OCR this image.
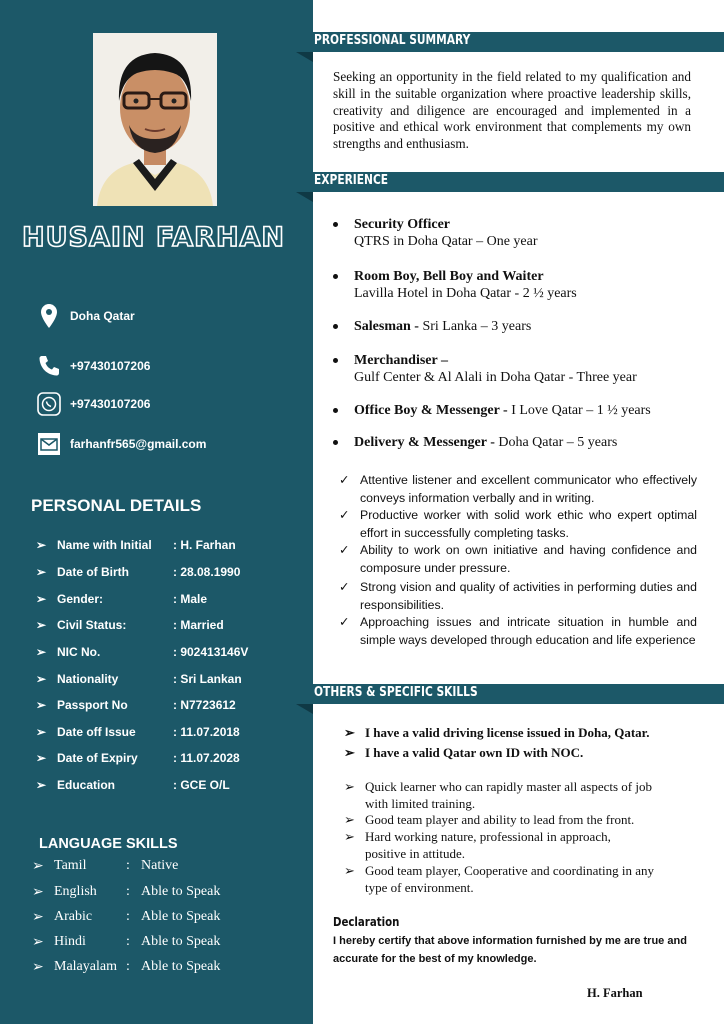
HUSAIN FARHAN
Doha Qatar
+97430107206
+97430107206
farhanfr565@gmail.com
PERSONAL DETAILS
➢ Name with Initial	: H. Farhan
➢ Date of Birth	: 28.08.1990
➢ Gender:	: Male
➢ Civil Status:	: Married
➢ NIC No.	: 902413146V
➢ Nationality	: Sri Lankan
➢ Passport No	: N7723612
➢ Date off Issue	: 11.07.2018
➢ Date of Expiry	: 11.07.2028
➢ Education	: GCE O/L
LANGUAGE SKILLS
➢ Tamil	: Native
➢ English	: Able to Speak
➢ Arabic	: Able to Speak
➢ Hindi	: Able to Speak
➢ Malayalam : Able to Speak
PROFESSIONAL SUMMARY
Seeking an opportunity in the field related to my qualification and skill in the suitable organization where proactive leadership skills, creativity and diligence are encouraged and implemented in a positive and ethical work environment that complements my own strengths and enthusiasm.
EXPERIENCE
Security Officer
QTRS in Doha Qatar – One year
Room Boy, Bell Boy and Waiter
Lavilla Hotel in Doha Qatar - 2 ½ years
Salesman - Sri Lanka – 3 years
Merchandiser –
Gulf Center & Al Alali in Doha Qatar - Three year
Office Boy & Messenger - I Love Qatar – 1 ½ years
Delivery & Messenger - Doha Qatar – 5 years
✓ Attentive listener and excellent communicator who effectively conveys information verbally and in writing.
✓ Productive worker with solid work ethic who expert optimal effort in successfully completing tasks.
✓ Ability to work on own initiative and having confidence and composure under pressure.
✓ Strong vision and quality of activities in performing duties and responsibilities.
✓ Approaching issues and intricate situation in humble and simple ways developed through education and life experience
OTHERS & SPECIFIC SKILLS
➢ I have a valid driving license issued in Doha, Qatar.
➢ I have a valid Qatar own ID with NOC.
➢ Quick learner who can rapidly master all aspects of job with limited training.
➢ Good team player and ability to lead from the front.
➢ Hard working nature, professional in approach, positive in attitude.
➢ Good team player, Cooperative and coordinating in any type of environment.
Declaration
I hereby certify that above information furnished by me are true and accurate for the best of my knowledge.
H. Farhan
